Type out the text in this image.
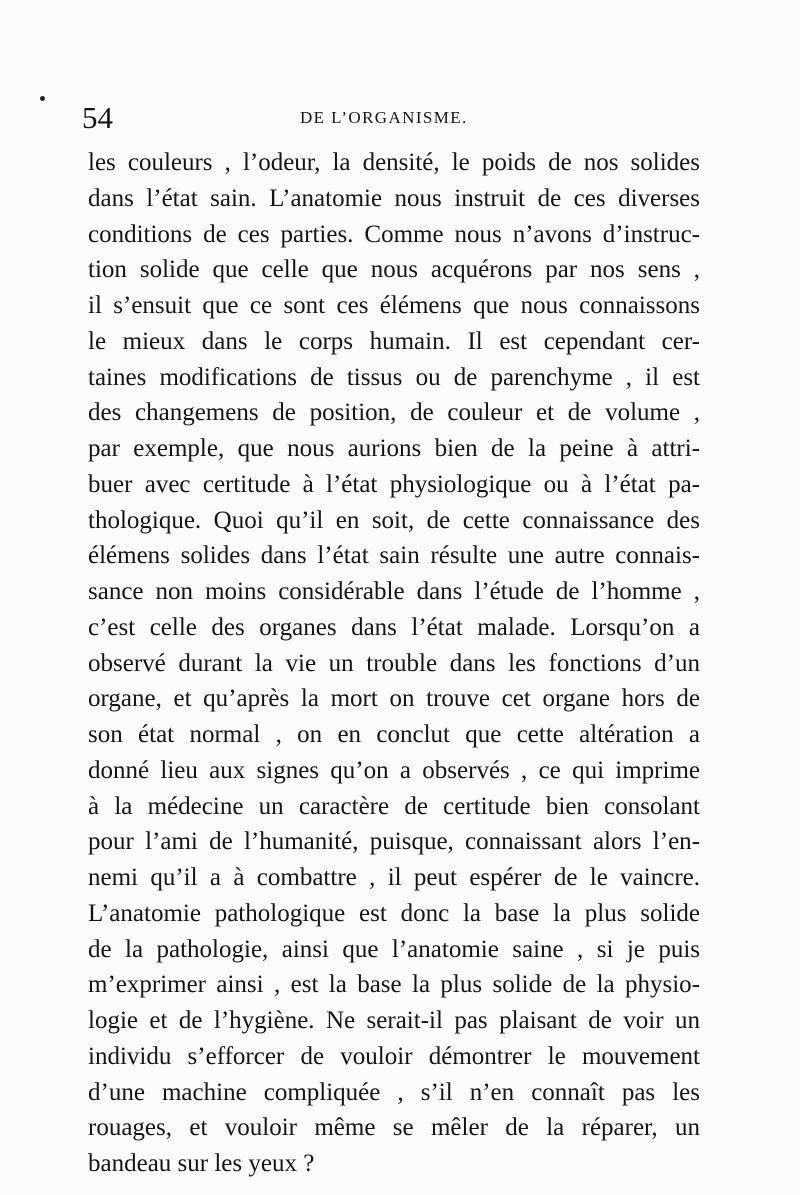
54	DE L’ORGANISME.
les couleurs , l’odeur, la densité, le poids de nos solides
dans l’état sain. L’anatomie nous instruit de ces diverses
conditions de ces parties. Comme nous n’avons d’instruc-
tion solide que celle que nous acquérons par nos sens ,
il s’ensuit que ce sont ces élémens que nous connaissons
le mieux dans le corps humain. Il est cependant cer-
taines modifications de tissus ou de parenchyme , il est
des changemens de position, de couleur et de volume ,
par exemple, que nous aurions bien de la peine à attri-
buer avec certitude à l’état physiologique ou à l’état pa-
thologique. Quoi qu’il en soit, de cette connaissance des
élémens solides dans l’état sain résulte une autre connais-
sance non moins considérable dans l’étude de l’homme ,
c’est celle des organes dans l’état malade. Lorsqu’on a
observé durant la vie un trouble dans les fonctions d’un
organe, et qu’après la mort on trouve cet organe hors de
son état normal , on en conclut que cette altération a
donné lieu aux signes qu’on a observés , ce qui imprime
à la médecine un caractère de certitude bien consolant
pour l’ami de l’humanité, puisque, connaissant alors l’en-
nemi qu’il a à combattre , il peut espérer de le vaincre.
L’anatomie pathologique est donc la base la plus solide
de la pathologie, ainsi que l’anatomie saine , si je puis
m’exprimer ainsi , est la base la plus solide de la physio-
logie et de l’hygiène. Ne serait-il pas plaisant de voir un
individu s’efforcer de vouloir démontrer le mouvement
d’une machine compliquée , s’il n’en connaît pas les
rouages, et vouloir même se mêler de la réparer, un
bandeau sur les yeux ?
